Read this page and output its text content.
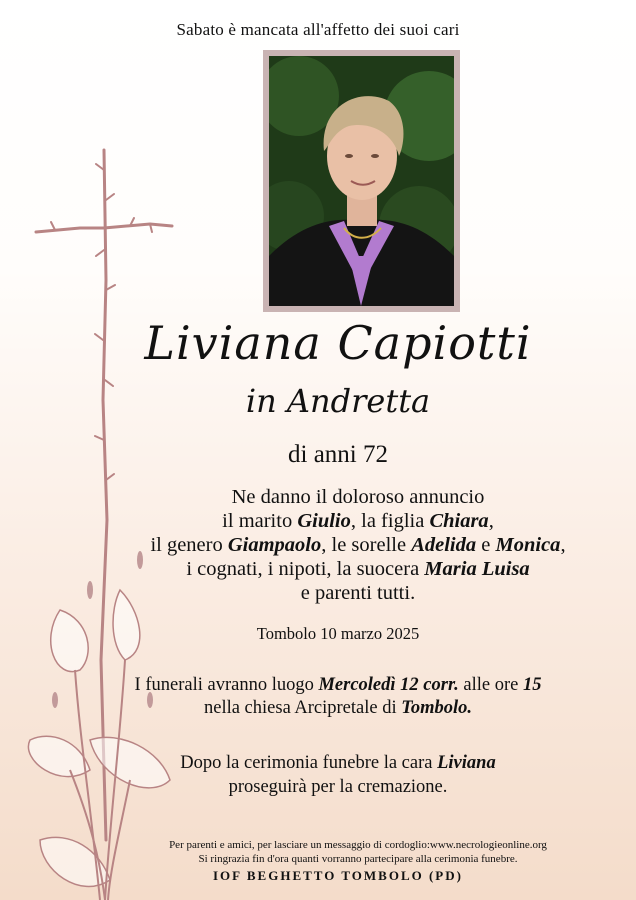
Sabato è mancata all'affetto dei suoi cari
Liviana Capiotti
in Andretta
di anni 72
Ne danno il doloroso annuncio
il marito Giulio, la figlia Chiara,
il genero Giampaolo, le sorelle Adelida e Monica,
i cognati, i nipoti, la suocera Maria Luisa
e parenti tutti.
Tombolo 10 marzo 2025
I funerali avranno luogo Mercoledì 12 corr. alle ore 15
nella chiesa Arcipretale di Tombolo.
Dopo la cerimonia funebre la cara Liviana
proseguirà per la cremazione.
Per parenti e amici, per lasciare un messaggio di cordoglio:www.necrologieonline.org
Si ringrazia fin d'ora quanti vorranno partecipare alla cerimonia funebre.
IOF BEGHETTO TOMBOLO (PD)
